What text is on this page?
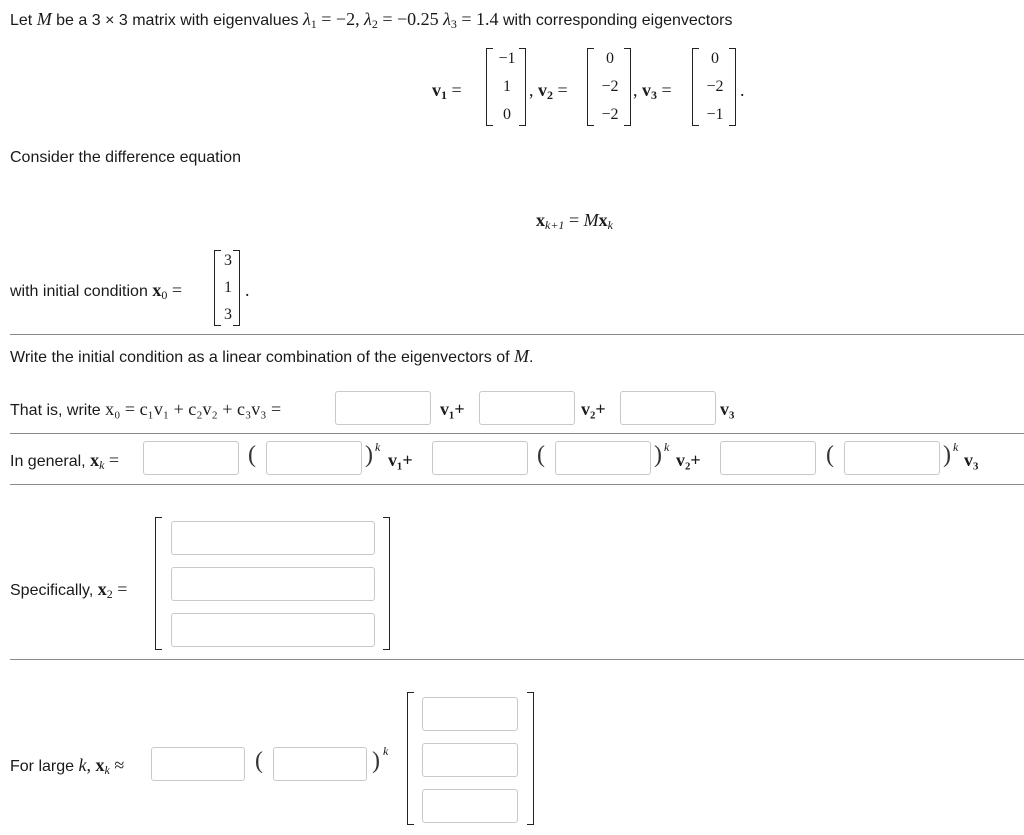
Let M be a 3 × 3 matrix with eigenvalues $\lambda_1 = -2$, $\lambda_2 = -0.25$ $\lambda_3 = 1.4$ with corresponding eigenvectors
$v_1$ =
−1
1
0
, $v_2$ =
0
−2
−2
, $v_3$ =
0
−2
−1
.
Consider the difference equation
$x_{k+1} = Mx_k$
with initial condition $x_0$ =
3
1
3
.
Write the initial condition as a linear combination of the eigenvectors of M.
That is, write x₀ = c₁v₁ + c₂v₂ + c₃v₃ =	v₁+	v₂+	v₃
In general, $x_k$ =	(	) k
v₁+	(	) k
v₂+	(	) k
v₃
Specifically, $x_2$ =
For large k, $x_k$ ≈	(	) k
